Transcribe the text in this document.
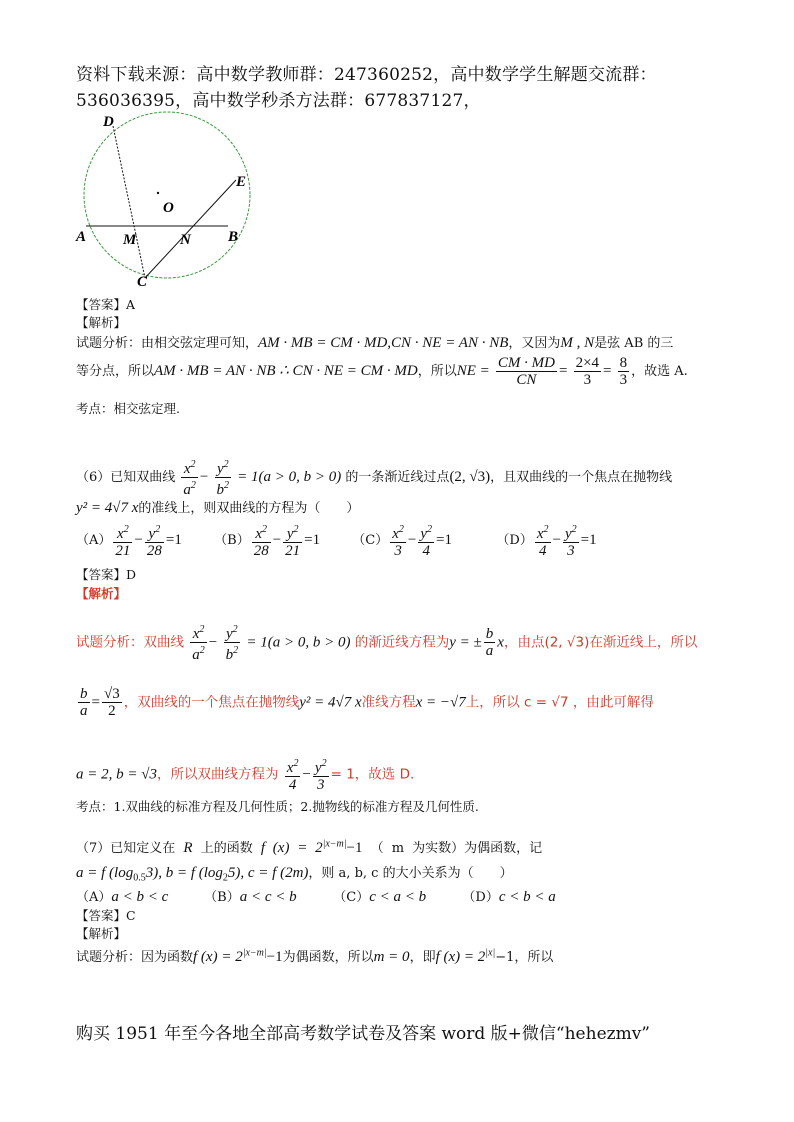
资料下载来源：高中数学教师群：247360252，高中数学学生解题交流群：
536036395，高中数学秒杀方法群：677837127，
D
E
O
A M	N B
C
【答案】A
【解析】
试题分析：由相交弦定理可知，AM · MB = CM · MD,CN · NE = AN · NB，又因为M , N是弦 AB 的三
等分点，所以AM · MB = AN · NB ∴ CN · NE = CM · MD，所以NE = $\frac{CM \cdot MD}{CN} = \frac{2\times 4}{3} = \frac{8}{3}$ ，故选 A.
考点：相交弦定理.
（6）已知双曲线 $\frac{x^2}{a^2} - \frac{y^2}{b^2} = 1(a > 0$, b > 0) 的一条渐近线过点(2, √3)，且双曲线的一个焦点在抛物线
y² = 4√7 x的准线上，则双曲线的方程为（　　）
$(A) \frac{x^2}{21} - \frac{y^2}{28} =1$ $(B) \frac{x^2}{28} - \frac{y^2}{21} =1$ $(C) \frac{x^2}{3} - \frac{y^2}{4} =1$	$(D) \frac{x^2}{4} - \frac{y^2}{3} =1$
【答案】D
【解析】
试题分析：双曲线 $\frac{x^2}{a^2} - \frac{y^2}{b^2} = 1(a > 0$, b > 0) 的渐近线方程为y = ± $\frac{b}{a}$ x，由点(2, √3)在渐近线上，所以
$\frac{b}{a} = \frac{√3}{2}$ ，双曲线的一个焦点在抛物线y² = 4√7 x准线方程x = −√7上，所以 c = √7 ，由此可解得
a = 2, b = √3，所以双曲线方程为 $\frac{x^2}{4} - \frac{y^2}{3} = 1$，故选 D.
考点：1.双曲线的标准方程及几何性质；2.抛物线的标准方程及几何性质.
（7）已知定义在 R 上的函数 f $(x) = 2^{|x-m|}-1$ （ m 为实数）为偶函数，记
a = f $(\log_{0.5}3)$, b = f $(\log_25)$, c = f (2m)，则 a, b, c 的大小关系为（　　）
（A）a < b < c	（B）a < c < b	（C）c < a < b	（D）c < b < a
【答案】C
【解析】
试题分析：因为函数f $(x) = 2^{|x-m|}-1$为偶函数，所以m = 0，即f $(x) = 2^{|x|}-1$，所以
购买 1951 年至今各地全部高考数学试卷及答案 word 版+微信“hehezmv”
